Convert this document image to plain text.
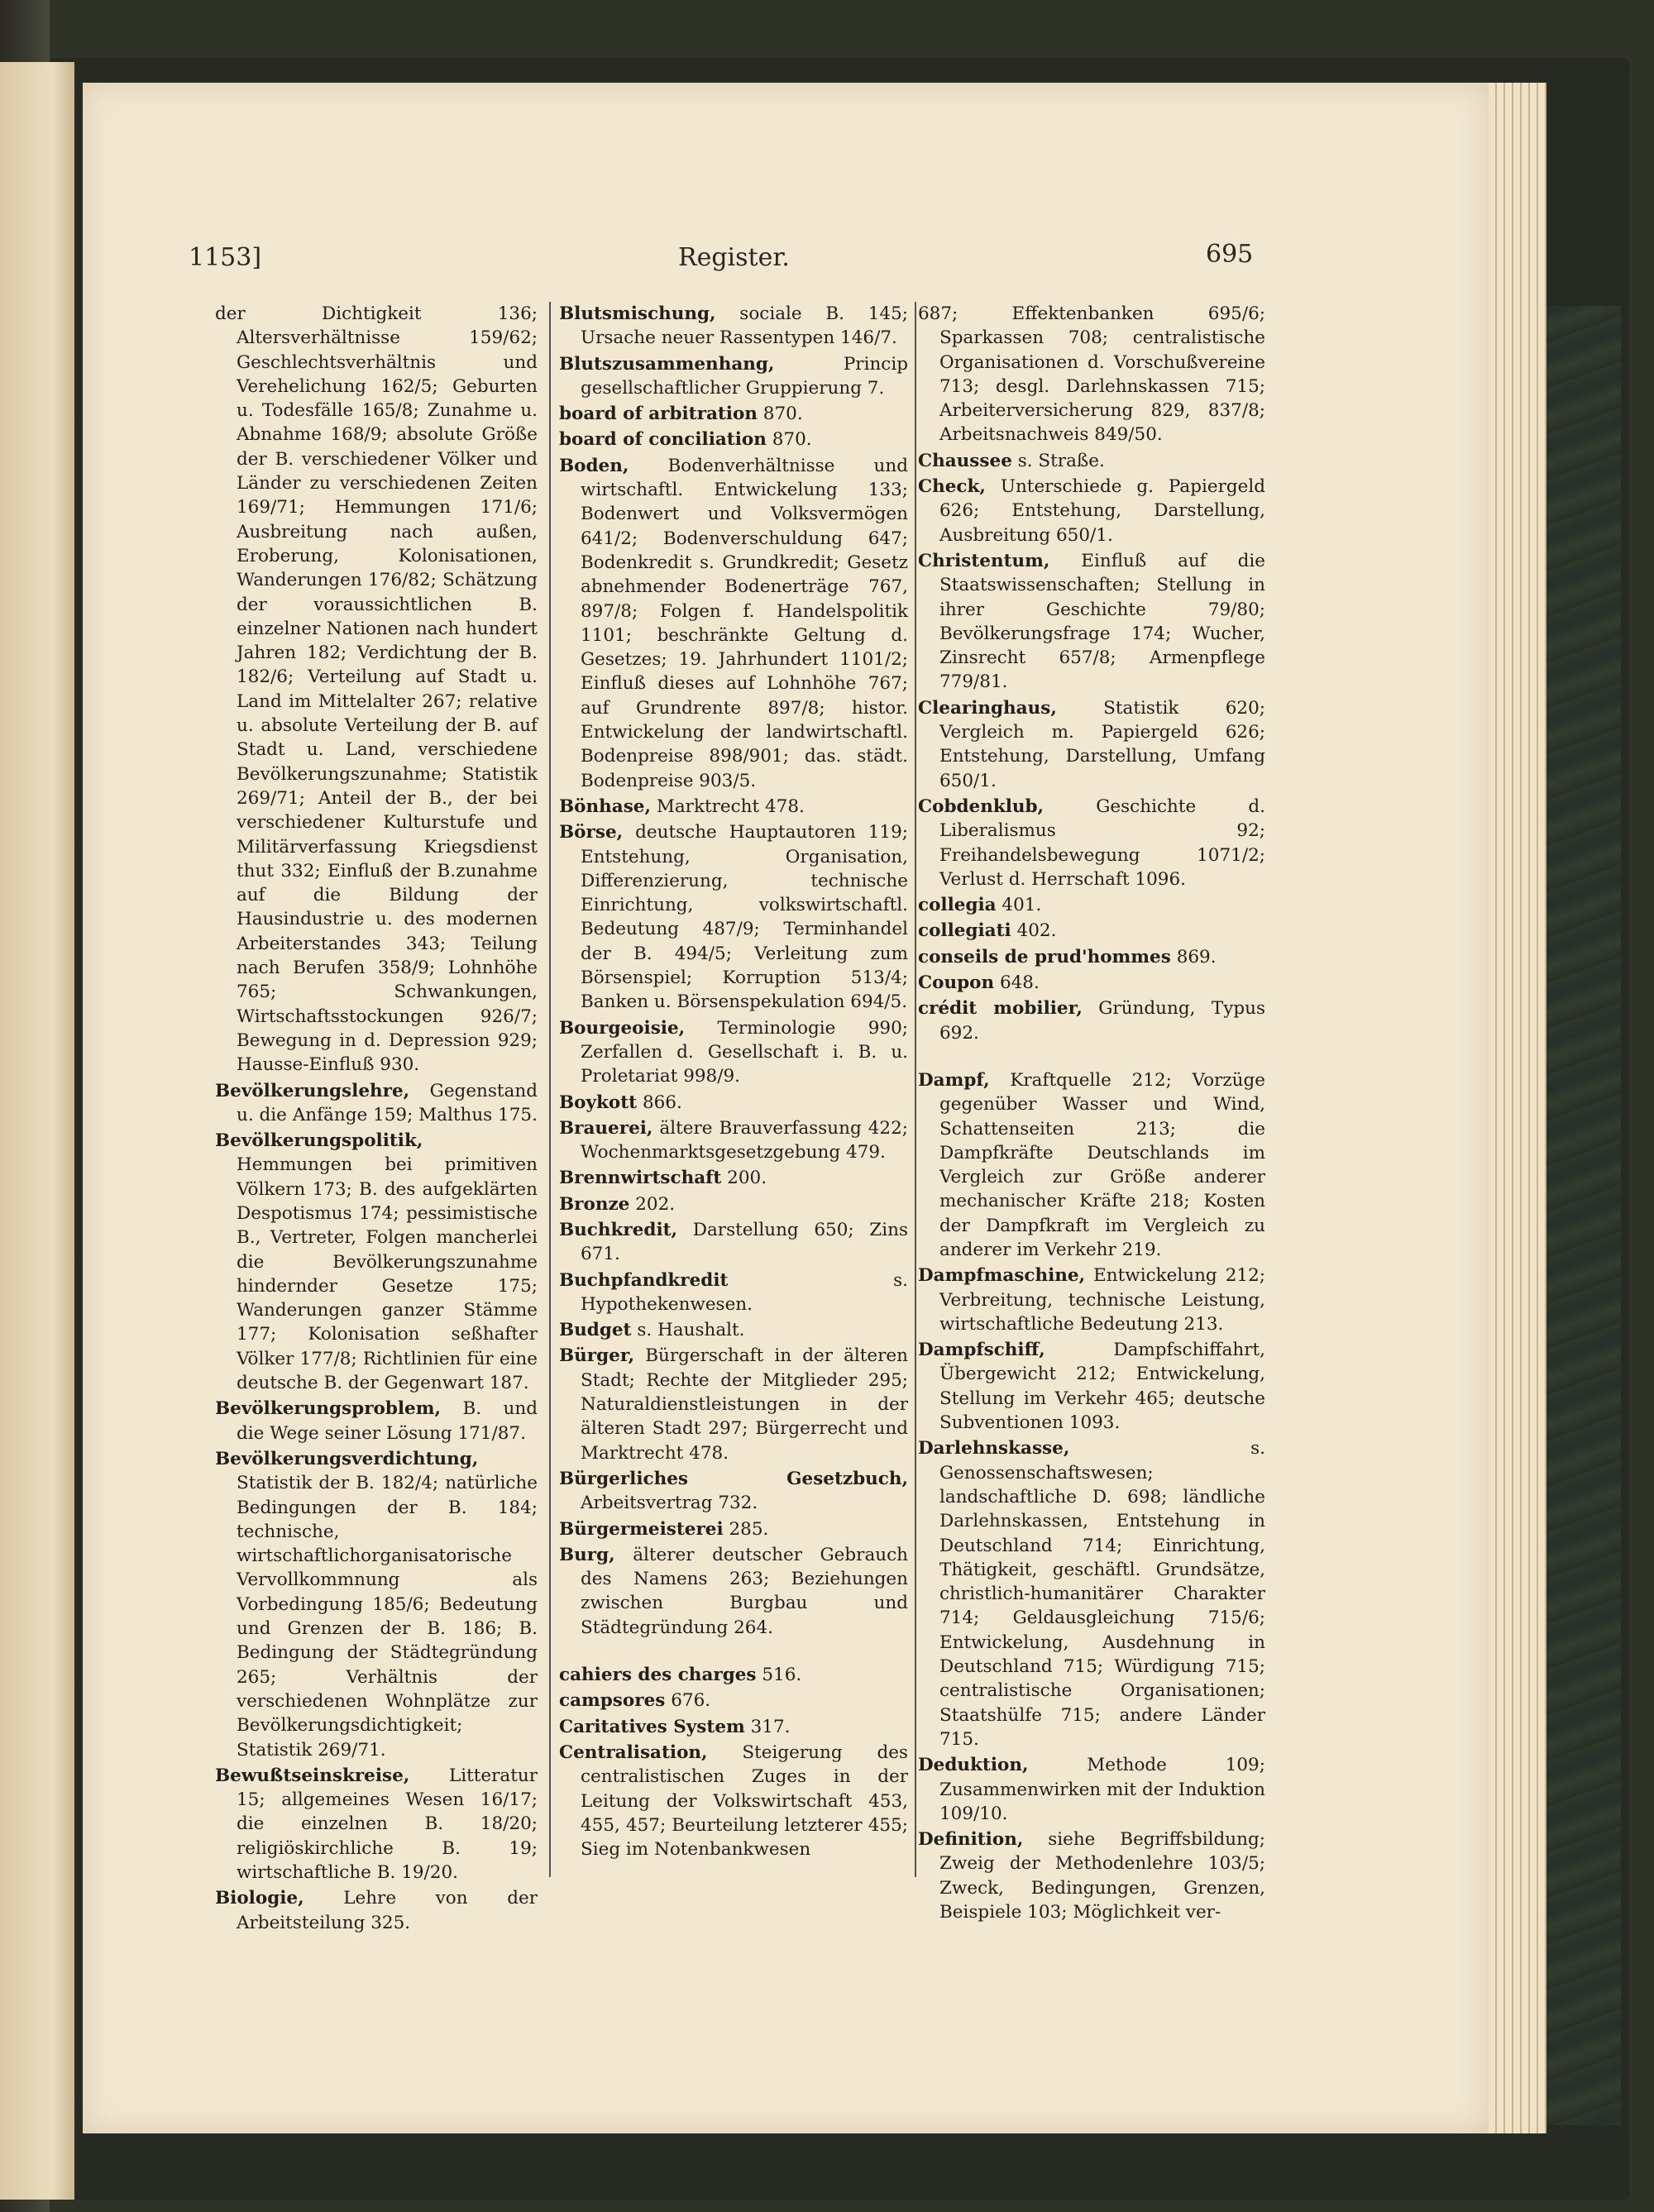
1153]	Register.	695

der Dichtigkeit 136; Altersverhältnisse 159/62; Geschlechtsverhältnis und Verehelichung 162/5; Geburten u. Todesfälle 165/8; Zunahme u. Abnahme 168/9; absolute Größe der B. verschiedener Völker und Länder zu verschiedenen Zeiten 169/71; Hemmungen 171/6; Ausbreitung nach außen, Eroberung, Kolonisationen, Wanderungen 176/82; Schätzung der voraussichtlichen B. einzelner Nationen nach hundert Jahren 182; Verdichtung der B. 182/6; Verteilung auf Stadt u. Land im Mittelalter 267; relative u. absolute Verteilung der B. auf Stadt u. Land, verschiedene Bevölkerungszunahme; Statistik 269/71; Anteil der B., der bei verschiedener Kulturstufe und Militärverfassung Kriegsdienst thut 332; Einfluß der B.zunahme auf die Bildung der Hausindustrie u. des modernen Arbeiterstandes 343; Teilung nach Berufen 358/9; Lohnhöhe 765; Schwankungen, Wirtschaftsstockungen 926/7; Bewegung in d. Depression 929; Hausse-Einfluß 930.

Bevölkerungslehre, Gegenstand u. die Anfänge 159; Malthus 175.

Bevölkerungspolitik, Hemmungen bei primitiven Völkern 173; B. des aufgeklärten Despotismus 174; pessimistische B., Vertreter, Folgen mancherlei die Bevölkerungszunahme hindernder Gesetze 175; Wanderungen ganzer Stämme 177; Kolonisation seßhafter Völker 177/8; Richtlinien für eine deutsche B. der Gegenwart 187.

Bevölkerungsproblem, B. und die Wege seiner Lösung 171/87.

Bevölkerungsverdichtung, Statistik der B. 182/4; natürliche Bedingungen der B. 184; technische, wirtschaftlichorganisatorische Vervollkommnung als Vorbedingung 185/6; Bedeutung und Grenzen der B. 186; B. Bedingung der Städtegründung 265; Verhältnis der verschiedenen Wohnplätze zur Bevölkerungsdichtigkeit; Statistik 269/71.

Bewußtseinskreise, Litteratur 15; allgemeines Wesen 16/17; die einzelnen B. 18/20; religiöskirchliche B. 19; wirtschaftliche B. 19/20.

Biologie, Lehre von der Arbeitsteilung 325.

Blutsmischung, sociale B. 145; Ursache neuer Rassentypen 146/7.

Blutszusammenhang,	Princip gesellschaftlicher Gruppierung 7.

board of arbitration 870.

board of conciliation 870.

Boden, Bodenverhältnisse und wirtschaftl. Entwickelung 133; Bodenwert und Volksvermögen 641/2; Bodenverschuldung 647; Bodenkredit s. Grundkredit; Gesetz abnehmender Bodenerträge 767, 897/8; Folgen f. Handelspolitik 1101; beschränkte Geltung d. Gesetzes; 19. Jahrhundert 1101/2; Einfluß dieses auf Lohnhöhe 767; auf Grundrente 897/8; histor. Entwickelung der landwirtschaftl. Bodenpreise 898/901; das. städt. Bodenpreise 903/5.

Bönhase, Marktrecht 478.

Börse, deutsche Hauptautoren 119; Entstehung, Organisation, Differenzierung, technische Einrichtung, volkswirtschaftl. Bedeutung 487/9; Terminhandel der B. 494/5; Verleitung zum Börsenspiel; Korruption 513/4; Banken u. Börsenspekulation 694/5.

Bourgeoisie, Terminologie 990; Zerfallen d. Gesellschaft i. B. u. Proletariat 998/9.

Boykott 866.

Brauerei, ältere Brauverfassung 422; Wochenmarktsgesetzgebung 479.

Brennwirtschaft 200.

Bronze 202.

Buchkredit, Darstellung 650; Zins 671.

Buchpfandkredit	s. Hypothekenwesen.

Budget s. Haushalt.

Bürger, Bürgerschaft in der älteren Stadt; Rechte der Mitglieder 295; Naturaldienstleistungen in der älteren Stadt 297; Bürgerrecht und Marktrecht 478.

Bürgerliches Gesetzbuch, Arbeitsvertrag 732.

Bürgermeisterei 285.

Burg, älterer deutscher Gebrauch des Namens 263; Beziehungen zwischen Burgbau und Städtegründung 264.

cahiers des charges 516.

campsores 676.

Caritatives System 317.

Centralisation, Steigerung des centralistischen Zuges in der Leitung der Volkswirtschaft 453, 455, 457; Beurteilung letzterer 455; Sieg im Notenbankwesen

687; Effektenbanken 695/6; Sparkassen 708; centralistische Organisationen d. Vorschußvereine 713; desgl. Darlehnskassen 715; Arbeiterversicherung 829, 837/8; Arbeitsnachweis 849/50.

Chaussee s. Straße.

Check, Unterschiede g. Papiergeld 626; Entstehung, Darstellung, Ausbreitung 650/1.

Christentum, Einfluß auf die Staatswissenschaften; Stellung in ihrer Geschichte 79/80; Bevölkerungsfrage 174; Wucher, Zinsrecht 657/8; Armenpflege 779/81.

Clearinghaus,	Statistik 620; Vergleich m. Papiergeld 626; Entstehung, Darstellung, Umfang 650/1.

Cobdenklub,	Geschichte d. Liberalismus 92; Freihandelsbewegung 1071/2; Verlust d. Herrschaft 1096.

collegia 401.

collegiati 402.

conseils de prud'hommes 869.

Coupon 648.

crédit mobilier, Gründung, Typus 692.

Dampf, Kraftquelle 212; Vorzüge gegenüber Wasser und Wind, Schattenseiten 213; die Dampfkräfte Deutschlands im Vergleich zur Größe anderer mechanischer Kräfte 218; Kosten der Dampfkraft im Vergleich zu anderer im Verkehr 219.

Dampfmaschine, Entwickelung 212; Verbreitung, technische Leistung, wirtschaftliche Bedeutung 213.

Dampfschiff,	Dampfschiffahrt, Übergewicht 212; Entwickelung, Stellung im Verkehr 465; deutsche Subventionen 1093.

Darlehnskasse,	s. Genossenschaftswesen; landschaftliche D. 698; ländliche Darlehnskassen, Entstehung in Deutschland 714; Einrichtung, Thätigkeit, geschäftl. Grundsätze, christlich-humanitärer Charakter 714; Geldausgleichung 715/6; Entwickelung, Ausdehnung in Deutschland 715; Würdigung 715; centralistische Organisationen; Staatshülfe 715; andere Länder 715.

Deduktion,	Methode 109; Zusammenwirken mit der Induktion 109/10.

Definition, siehe Begriffsbildung; Zweig der Methodenlehre 103/5; Zweck, Bedingungen, Grenzen, Beispiele 103; Möglichkeit ver-
